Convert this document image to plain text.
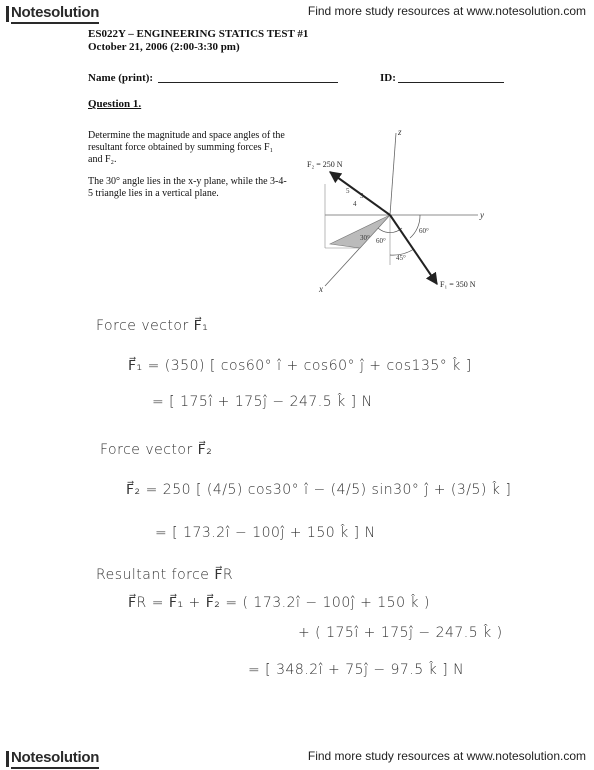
Notesolution	Find more study resources at www.notesolution.com
ES022Y – ENGINEERING STATICS TEST #1
October 21, 2006 (2:00-3:30 pm)
Name (print):	ID:
Question 1.
Determine the magnitude and space angles of the resultant force obtained by summing forces F₁ and F₂.
The 30° angle lies in the x-y plane, while the 3-4-5 triangle lies in a vertical plane.
z
y
x
F₂ = 250 N
F₁ = 350 N
5
3
4
30° 60°
60°
45°
Force vector F⃗₁
F⃗₁ = (350) [ cos60° î + cos60° ĵ + cos135° k̂ ]
= [ 175î + 175ĵ − 247.5 k̂ ] N
Force vector F⃗₂
F⃗₂ = 250 [ (4/5) cos30° î − (4/5) sin30° ĵ + (3/5) k̂ ]
= [ 173.2î − 100ĵ + 150 k̂ ] N
Resultant force F⃗R
F⃗R = F⃗₁ + F⃗₂ = ( 173.2î − 100ĵ + 150 k̂ )
+ ( 175î + 175ĵ − 247.5 k̂ )
= [ 348.2î + 75ĵ − 97.5 k̂ ] N
Notesolution	Find more study resources at www.notesolution.com
